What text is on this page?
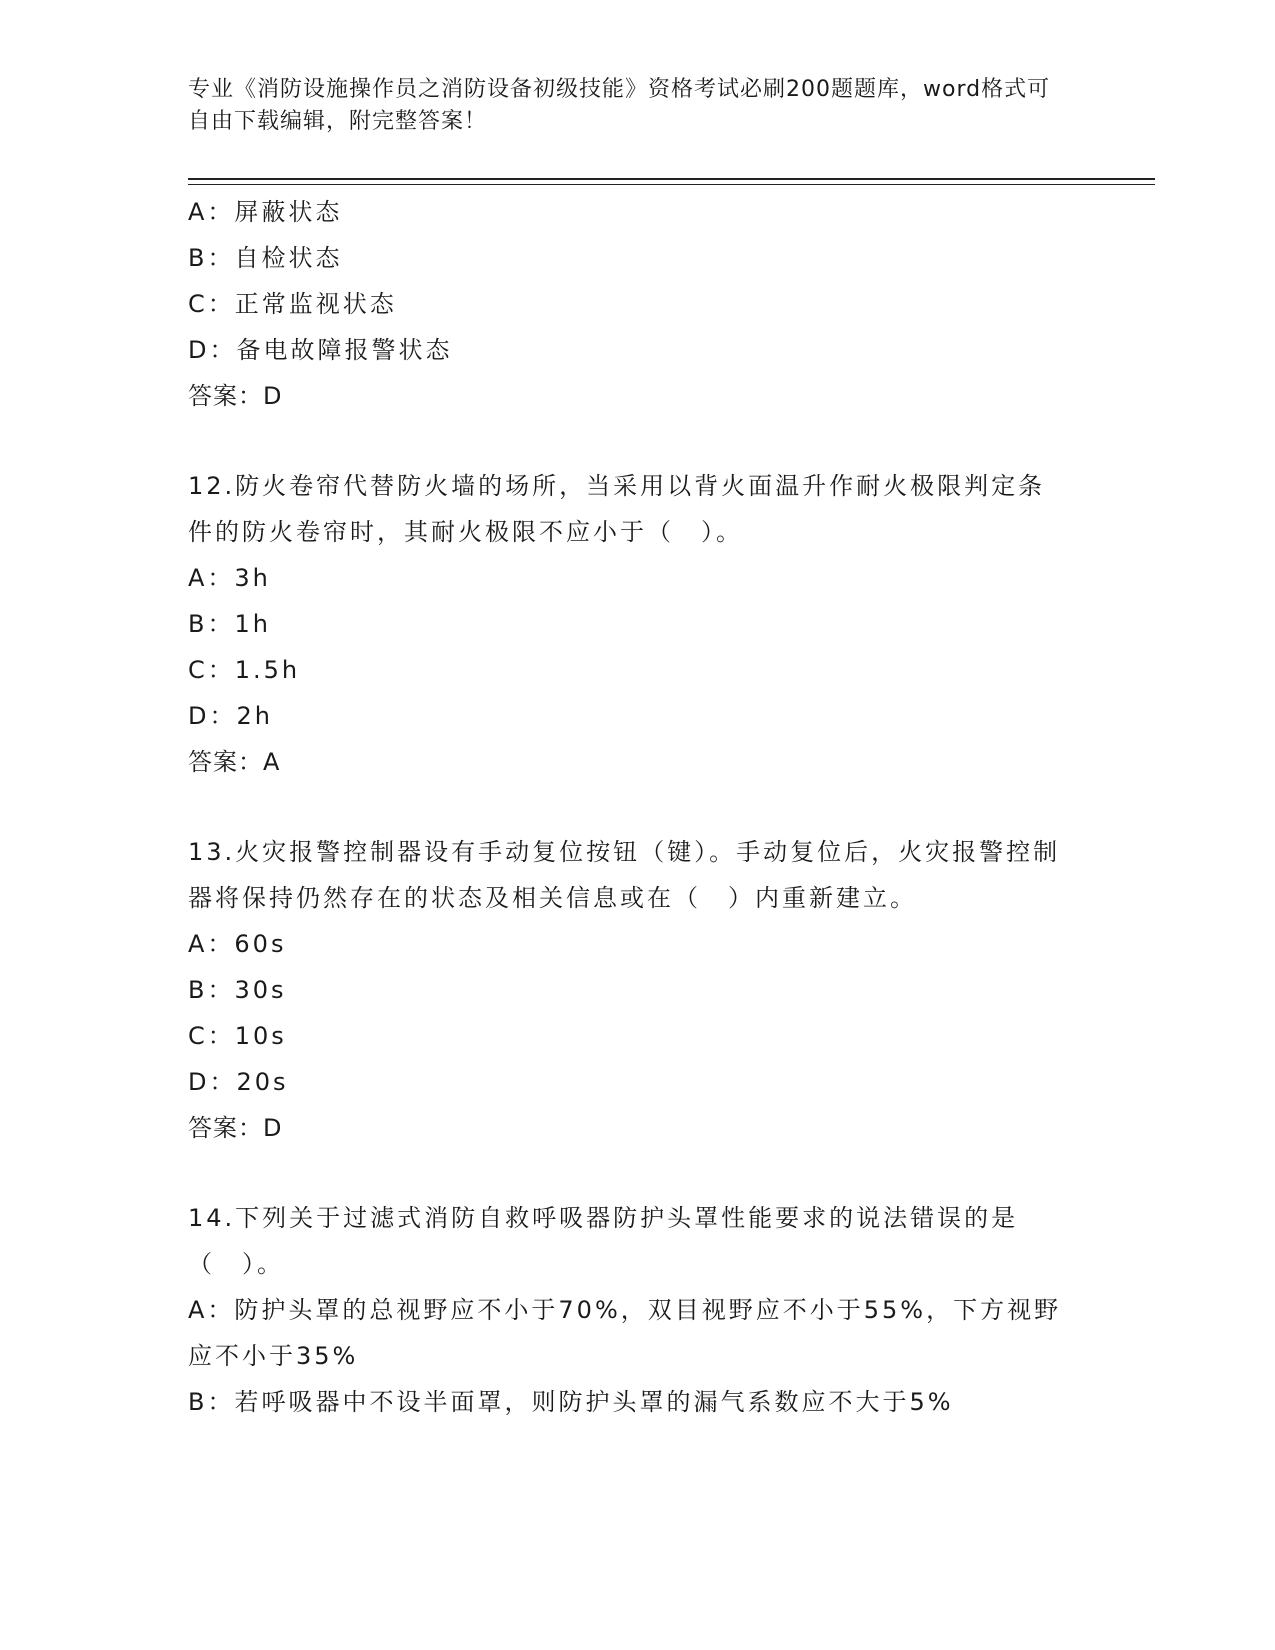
专业《消防设施操作员之消防设备初级技能》资格考试必刷200题题库，word格式可自由下载编辑，附完整答案！
A：屏蔽状态
B：自检状态
C：正常监视状态
D：备电故障报警状态
答案：D
12.防火卷帘代替防火墙的场所，当采用以背火面温升作耐火极限判定条件的防火卷帘时，其耐火极限不应小于（　）。
A：3h
B：1h
C：1.5h
D：2h
答案：A
13.火灾报警控制器设有手动复位按钮（键）。手动复位后，火灾报警控制器将保持仍然存在的状态及相关信息或在（　）内重新建立。
A：60s
B：30s
C：10s
D：20s
答案：D
14.下列关于过滤式消防自救呼吸器防护头罩性能要求的说法错误的是（　）。
A：防护头罩的总视野应不小于70%，双目视野应不小于55%，下方视野应不小于35%
B：若呼吸器中不设半面罩，则防护头罩的漏气系数应不大于5%
